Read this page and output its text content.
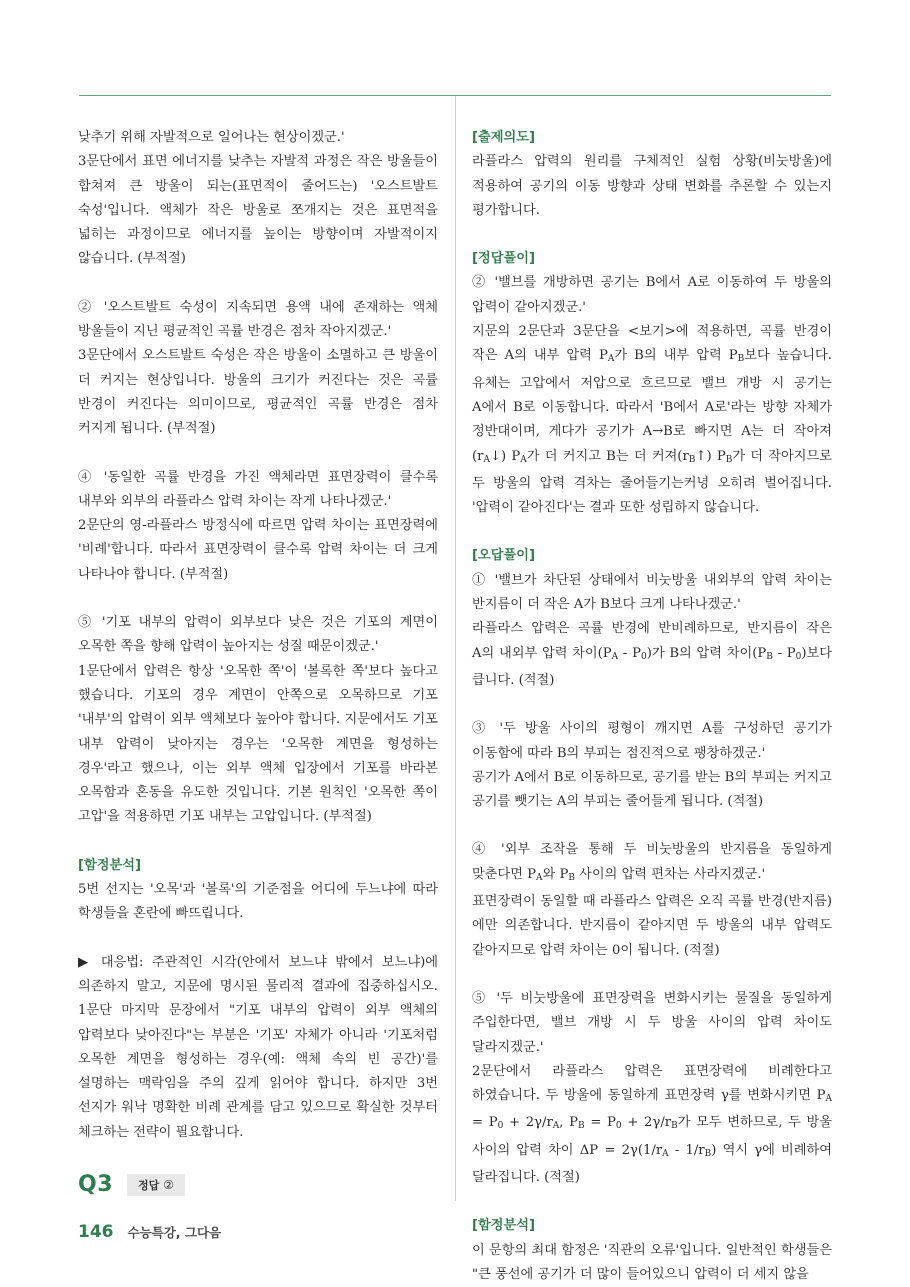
낮추기 위해 자발적으로 일어나는 현상이겠군.'

3문단에서 표면 에너지를 낮추는 자발적 과정은 작은 방울들이 합쳐져 큰 방울이 되는(표면적이 줄어드는) '오스트발트 숙성'입니다. 액체가 작은 방울로 쪼개지는 것은 표면적을 넓히는 과정이므로 에너지를 높이는 방향이며 자발적이지 않습니다. (부적절)

② '오스트발트 숙성이 지속되면 용액 내에 존재하는 액체 방울들이 지닌 평균적인 곡률 반경은 점차 작아지겠군.'

3문단에서 오스트발트 숙성은 작은 방울이 소멸하고 큰 방울이 더 커지는 현상입니다. 방울의 크기가 커진다는 것은 곡률 반경이 커진다는 의미이므로, 평균적인 곡률 반경은 점차 커지게 됩니다. (부적절)

④ '동일한 곡률 반경을 가진 액체라면 표면장력이 클수록 내부와 외부의 라플라스 압력 차이는 작게 나타나겠군.'

2문단의 영-라플라스 방정식에 따르면 압력 차이는 표면장력에 '비례'합니다. 따라서 표면장력이 클수록 압력 차이는 더 크게 나타나야 합니다. (부적절)

⑤ '기포 내부의 압력이 외부보다 낮은 것은 기포의 계면이 오목한 쪽을 향해 압력이 높아지는 성질 때문이겠군.'

1문단에서 압력은 항상 '오목한 쪽'이 '볼록한 쪽'보다 높다고 했습니다. 기포의 경우 계면이 안쪽으로 오목하므로 기포 '내부'의 압력이 외부 액체보다 높아야 합니다. 지문에서도 기포 내부 압력이 낮아지는 경우는 '오목한 계면을 형성하는 경우'라고 했으나, 이는 외부 액체 입장에서 기포를 바라본 오목함과 혼동을 유도한 것입니다. 기본 원칙인 '오목한 쪽이 고압'을 적용하면 기포 내부는 고압입니다. (부적절)

[함정분석]

5번 선지는 '오목'과 '볼록'의 기준점을 어디에 두느냐에 따라 학생들을 혼란에 빠뜨립니다.

▶ 대응법: 주관적인 시각(안에서 보느냐 밖에서 보느냐)에 의존하지 말고, 지문에 명시된 물리적 결과에 집중하십시오. 1문단 마지막 문장에서 "기포 내부의 압력이 외부 액체의 압력보다 낮아진다"는 부분은 '기포' 자체가 아니라 '기포처럼 오목한 계면을 형성하는 경우(예: 액체 속의 빈 공간)'를 설명하는 맥락임을 주의 깊게 읽어야 합니다. 하지만 3번 선지가 워낙 명확한 비례 관계를 담고 있으므로 확실한 것부터 체크하는 전략이 필요합니다.

[출제의도]

라플라스 압력의 원리를 구체적인 실험 상황(비눗방울)에 적용하여 공기의 이동 방향과 상태 변화를 추론할 수 있는지 평가합니다.

[정답풀이]

② '밸브를 개방하면 공기는 B에서 A로 이동하여 두 방울의 압력이 같아지겠군.'

지문의 2문단과 3문단을 <보기>에 적용하면, 곡률 반경이 작은 A의 내부 압력 $P_A$가 B의 내부 압력 $P_B$보다 높습니다. 유체는 고압에서 저압으로 흐르므로 밸브 개방 시 공기는 A에서 B로 이동합니다. 따라서 'B에서 A로'라는 방향 자체가 정반대이며, 게다가 공기가 A→B로 빠지면 A는 더 작아져$(r_A↓)$ $P_A$가 더 커지고 B는 더 커져$(r_B↑)$ $P_B$가 더 작아지므로 두 방울의 압력 격차는 줄어들기는커녕 오히려 벌어집니다. '압력이 같아진다'는 결과 또한 성립하지 않습니다.

[오답풀이]

① '밸브가 차단된 상태에서 비눗방울 내외부의 압력 차이는 반지름이 더 작은 A가 B보다 크게 나타나겠군.'

라플라스 압력은 곡률 반경에 반비례하므로, 반지름이 작은 A의 내외부 압력 차이$(P_A - P_0)$가 B의 압력 차이$(P_B - P_0)$보다 큽니다. (적절)

③ '두 방울 사이의 평형이 깨지면 A를 구성하던 공기가 이동함에 따라 B의 부피는 점진적으로 팽창하겠군.'

공기가 A에서 B로 이동하므로, 공기를 받는 B의 부피는 커지고 공기를 뺏기는 A의 부피는 줄어들게 됩니다. (적절)

④ '외부 조작을 통해 두 비눗방울의 반지름을 동일하게 맞춘다면 $P_A$와 $P_B$ 사이의 압력 편차는 사라지겠군.'

표면장력이 동일할 때 라플라스 압력은 오직 곡률 반경(반지름)에만 의존합니다. 반지름이 같아지면 두 방울의 내부 압력도 같아지므로 압력 차이는 0이 됩니다. (적절)

⑤ '두 비눗방울에 표면장력을 변화시키는 물질을 동일하게 주입한다면, 밸브 개방 시 두 방울 사이의 압력 차이도 달라지겠군.'

2문단에서 라플라스 압력은 표면장력에 비례한다고 하였습니다. 두 방울에 동일하게 표면장력 γ를 변화시키면 $P_A = P_0 + 2\gamma/r_A$, $P_B = P_0 + 2\gamma/r_B$가 모두 변하므로, 두 방울 사이의 압력 차이 $\Delta P = 2\gamma(1/r_A - 1/r_B)$ 역시 γ에 비례하여 달라집니다. (적절)

[함정분석]

이 문항의 최대 함정은 '직관의 오류'입니다. 일반적인 학생들은 "큰 풍선에 공기가 더 많이 들어있으니 압력이 더 세지 않을

Q3 정답 ②
146 수능특강, 그다음
